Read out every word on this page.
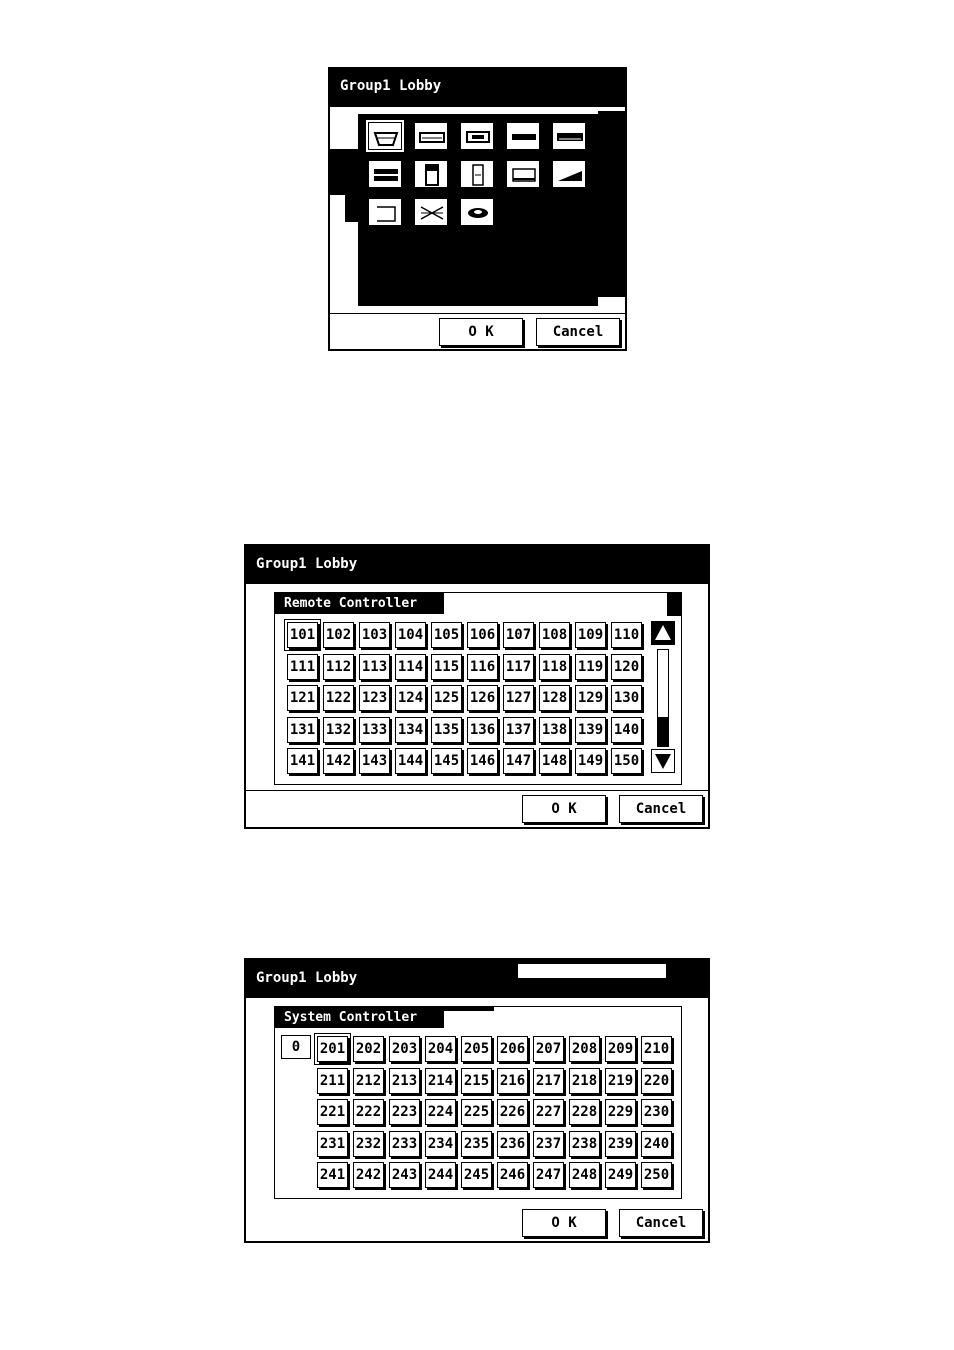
Group1 Lobby
O K	Cancel
Group1 Lobby
Remote Controller
101 102 103 104 105 106 107 108 109 110
111 112 113 114 115 116 117 118 119 120
121 122 123 124 125 126 127 128 129 130
131 132 133 134 135 136 137 138 139 140
141 142 143 144 145 146 147 148 149 150
O K	Cancel
Group1 Lobby
System Controller
0	201 202 203 204 205 206 207 208 209 210
211 212 213 214 215 216 217 218 219 220
221 222 223 224 225 226 227 228 229 230
231 232 233 234 235 236 237 238 239 240
241 242 243 244 245 246 247 248 249 250
O K	Cancel
